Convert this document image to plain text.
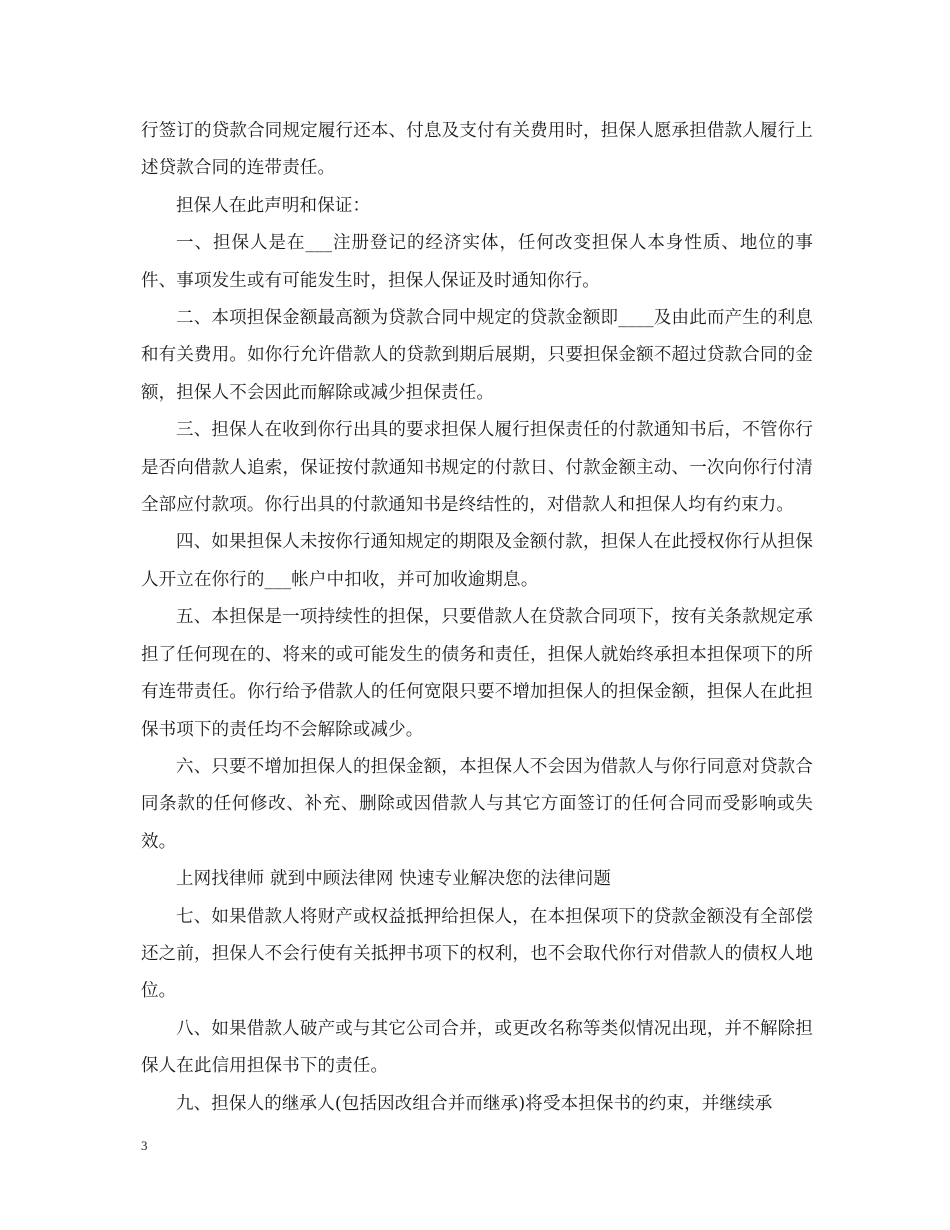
行签订的贷款合同规定履行还本、付息及支付有关费用时，担保人愿承担借款人履行上述贷款合同的连带责任。

担保人在此声明和保证：

一、担保人是在___注册登记的经济实体，任何改变担保人本身性质、地位的事件、事项发生或有可能发生时，担保人保证及时通知你行。

二、本项担保金额最高额为贷款合同中规定的贷款金额即____及由此而产生的利息和有关费用。如你行允许借款人的贷款到期后展期，只要担保金额不超过贷款合同的金额，担保人不会因此而解除或减少担保责任。

三、担保人在收到你行出具的要求担保人履行担保责任的付款通知书后，不管你行是否向借款人追索，保证按付款通知书规定的付款日、付款金额主动、一次向你行付清全部应付款项。你行出具的付款通知书是终结性的，对借款人和担保人均有约束力。

四、如果担保人未按你行通知规定的期限及金额付款，担保人在此授权你行从担保人开立在你行的___帐户中扣收，并可加收逾期息。

五、本担保是一项持续性的担保，只要借款人在贷款合同项下，按有关条款规定承担了任何现在的、将来的或可能发生的债务和责任，担保人就始终承担本担保项下的所有连带责任。你行给予借款人的任何宽限只要不增加担保人的担保金额，担保人在此担保书项下的责任均不会解除或减少。

六、只要不增加担保人的担保金额，本担保人不会因为借款人与你行同意对贷款合同条款的任何修改、补充、删除或因借款人与其它方面签订的任何合同而受影响或失效。

上网找律师 就到中顾法律网 快速专业解决您的法律问题

七、如果借款人将财产或权益抵押给担保人，在本担保项下的贷款金额没有全部偿还之前，担保人不会行使有关抵押书项下的权利，也不会取代你行对借款人的债权人地位。

八、如果借款人破产或与其它公司合并，或更改名称等类似情况出现，并不解除担保人在此信用担保书下的责任。

九、担保人的继承人(包括因改组合并而继承)将受本担保书的约束，并继续承

3
